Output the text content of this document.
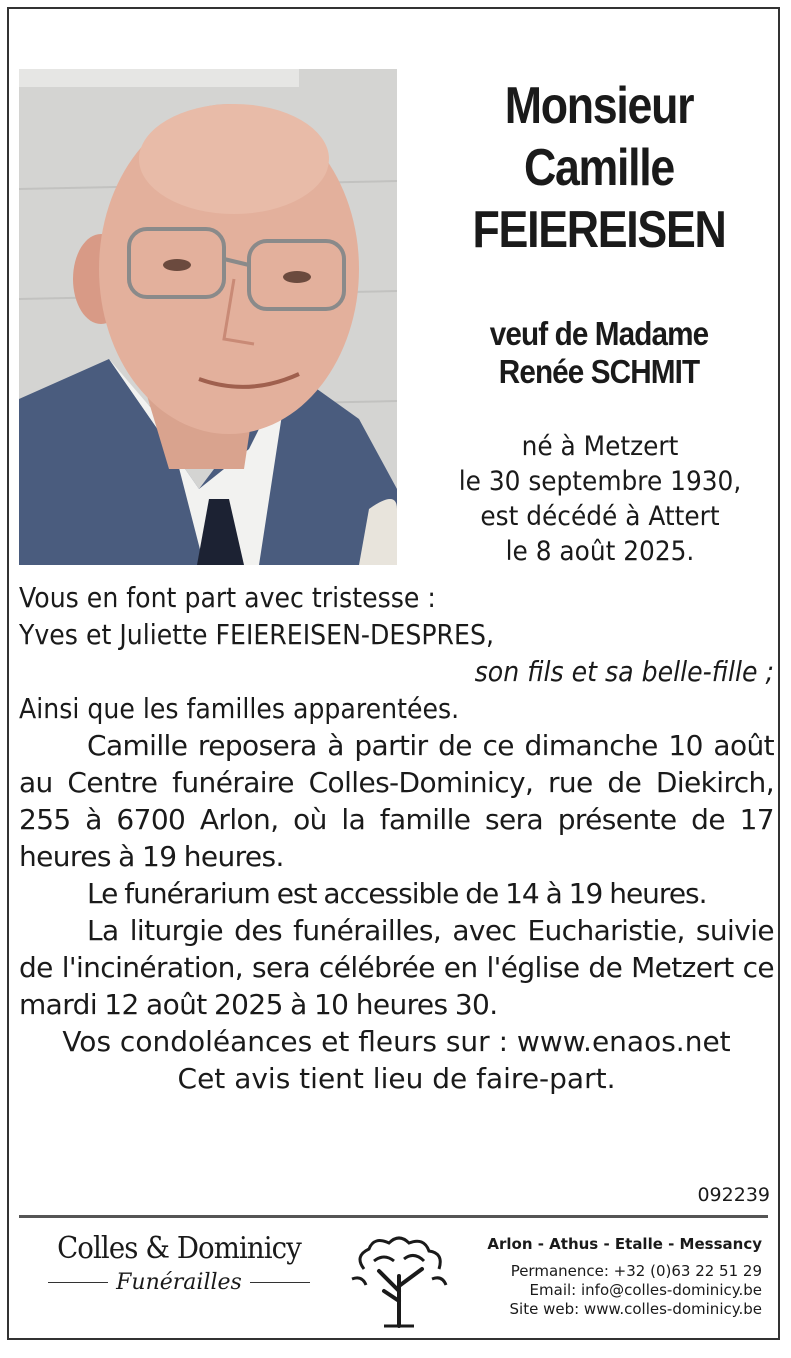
Monsieur
Camille
FEIEREISEN
veuf de Madame
Renée SCHMIT
né à Metzert
le 30 septembre 1930,
est décédé à Attert
le 8 août 2025.
Vous en font part avec tristesse :
Yves et Juliette FEIEREISEN-DESPRES,
son fils et sa belle-fille ;
Ainsi que les familles apparentées.
Camille reposera à partir de ce dimanche 10 août au Centre funéraire Colles-Dominicy, rue de Diekirch, 255 à 6700 Arlon, où la famille sera présente de 17 heures à 19 heures.
Le funérarium est accessible de 14 à 19 heures.
La liturgie des funérailles, avec Eucharistie, suivie de l'incinération, sera célébrée en l'église de Metzert ce mardi 12 août 2025 à 10 heures 30.
Vos condoléances et fleurs sur : www.enaos.net
Cet avis tient lieu de faire-part.
092239
Colles & Dominicy
Funérailles
Arlon - Athus - Etalle - Messancy
Permanence: +32 (0)63 22 51 29
Email: info@colles-dominicy.be
Site web: www.colles-dominicy.be
